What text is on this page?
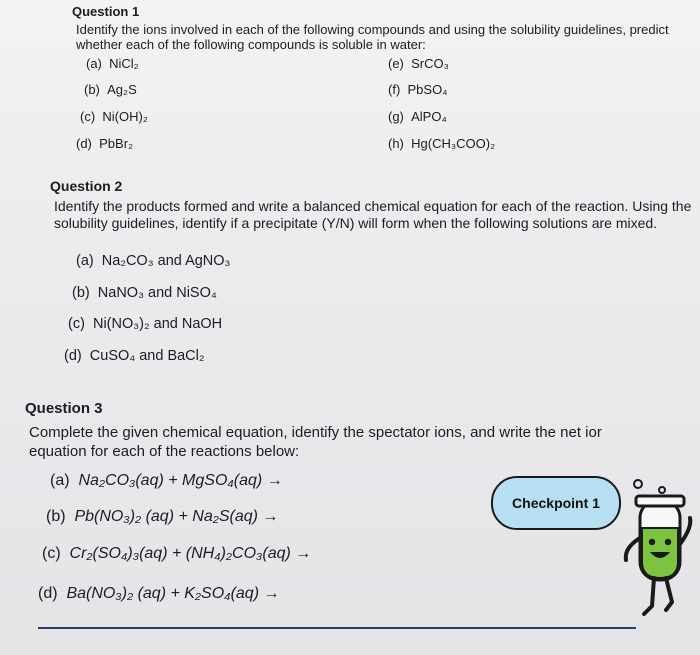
Question 1
Identify the ions involved in each of the following compounds and using the solubility guidelines, predict whether each of the following compounds is soluble in water:
(a) NiCl₂
(b) Ag₂S
(c) Ni(OH)₂
(d) PbBr₂
(e) SrCO₃
(f) PbSO₄
(g) AlPO₄
(h) Hg(CH₃COO)₂
Question 2
Identify the products formed and write a balanced chemical equation for each of the reaction. Using the solubility guidelines, identify if a precipitate (Y/N) will form when the following solutions are mixed.
(a) Na₂CO₃ and AgNO₃
(b) NaNO₃ and NiSO₄
(c) Ni(NO₃)₂ and NaOH
(d) CuSO₄ and BaCl₂
Question 3
Complete the given chemical equation, identify the spectator ions, and write the net ior
equation for each of the reactions below:
(a) Na₂CO₃(aq) + MgSO₄(aq) →
(b) Pb(NO₃)₂ (aq) + Na₂S(aq) →
(c) Cr₂(SO₄)₃(aq) + (NH₄)₂CO₃(aq) →
(d) Ba(NO₃)₂ (aq) + K₂SO₄(aq) →
Checkpoint 1
